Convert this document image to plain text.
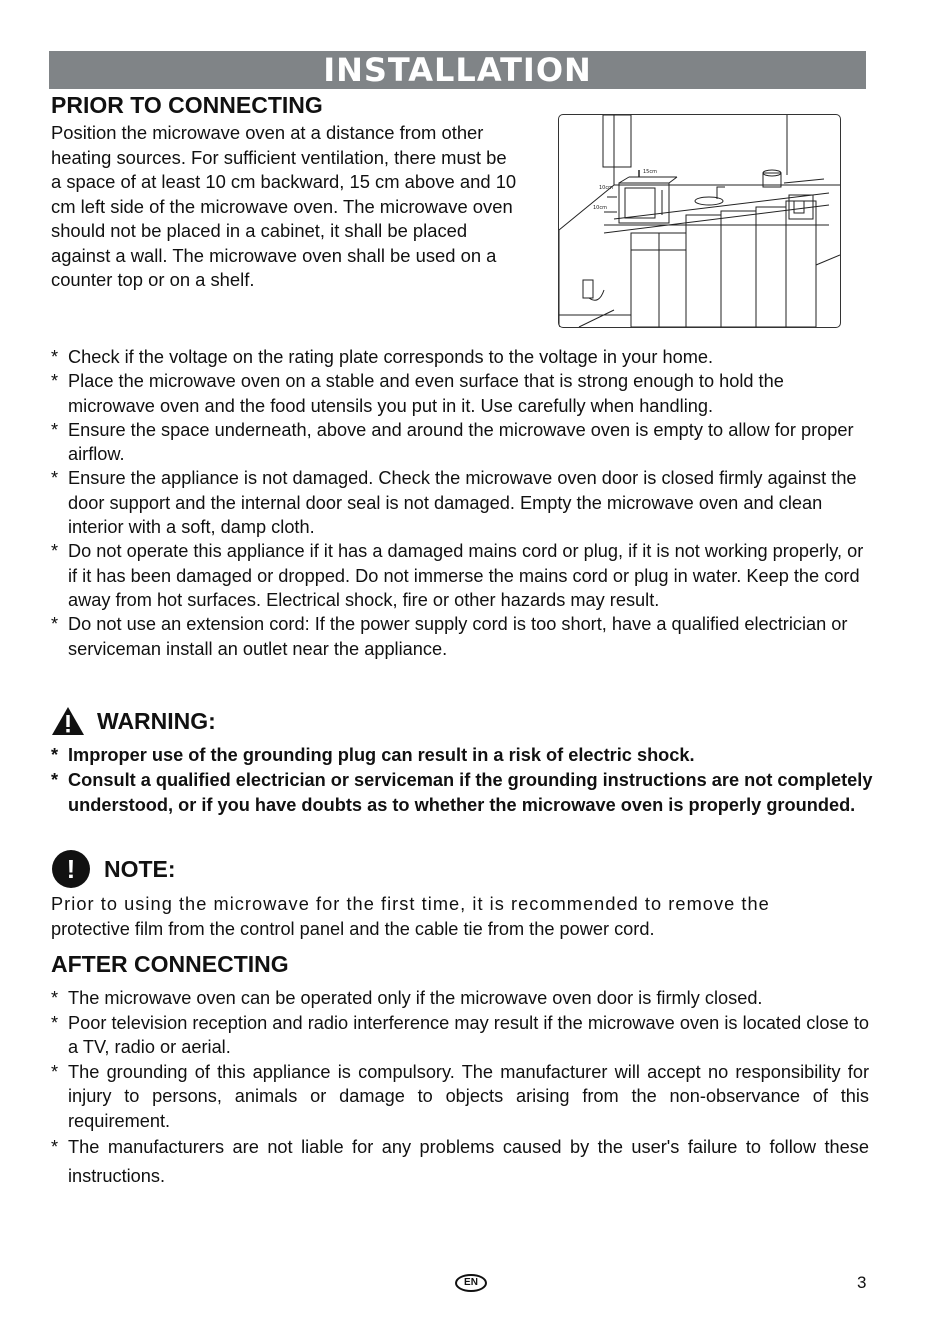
INSTALLATION
PRIOR TO CONNECTING

Position the microwave oven at a distance from other heating sources. For sufficient ventilation, there must be a space of at least 10 cm backward, 15 cm above and 10 cm left side of the microwave oven. The microwave oven should not be placed in a cabinet, it shall be placed against a wall. The microwave oven shall be used on a counter top or on a shelf.

15cm
10cm
10cm
* Check if the voltage on the rating plate corresponds to the voltage in your home.
* Place the microwave oven on a stable and even surface that is strong enough to hold the microwave oven and the food utensils you put in it. Use carefully when handling.
* Ensure the space underneath, above and around the microwave oven is empty to allow for proper airflow.
* Ensure the appliance is not damaged. Check the microwave oven door is closed firmly against the door support and the internal door seal is not damaged. Empty the microwave oven and clean interior with a soft, damp cloth.
* Do not operate this appliance if it has a damaged mains cord or plug, if it is not working properly, or if it has been damaged or dropped. Do not immerse the mains cord or plug in water. Keep the cord away from hot surfaces. Electrical shock, fire or other hazards may result.
* Do not use an extension cord: If the power supply cord is too short, have a qualified electrician or serviceman install an outlet near the appliance.
WARNING:
* Improper use of the grounding plug can result in a risk of electric shock.
* Consult a qualified electrician or serviceman if the grounding instructions are not completely understood, or if you have doubts as to whether the microwave oven is properly grounded.
!	NOTE:

Prior to using the microwave for the first time, it is recommended to remove the
protective film from the control panel and the cable tie from the power cord.

AFTER CONNECTING
* The microwave oven can be operated only if the microwave oven door is firmly closed.
* Poor television reception and radio interference may result if the microwave oven is located close to a TV, radio or aerial.
* The grounding of this appliance is compulsory. The manufacturer will accept no responsibility for injury to persons, animals or damage to objects arising from the non-observance of this requirement.
* The manufacturers are not liable for any problems caused by the user's failure to follow these instructions.
EN	3
